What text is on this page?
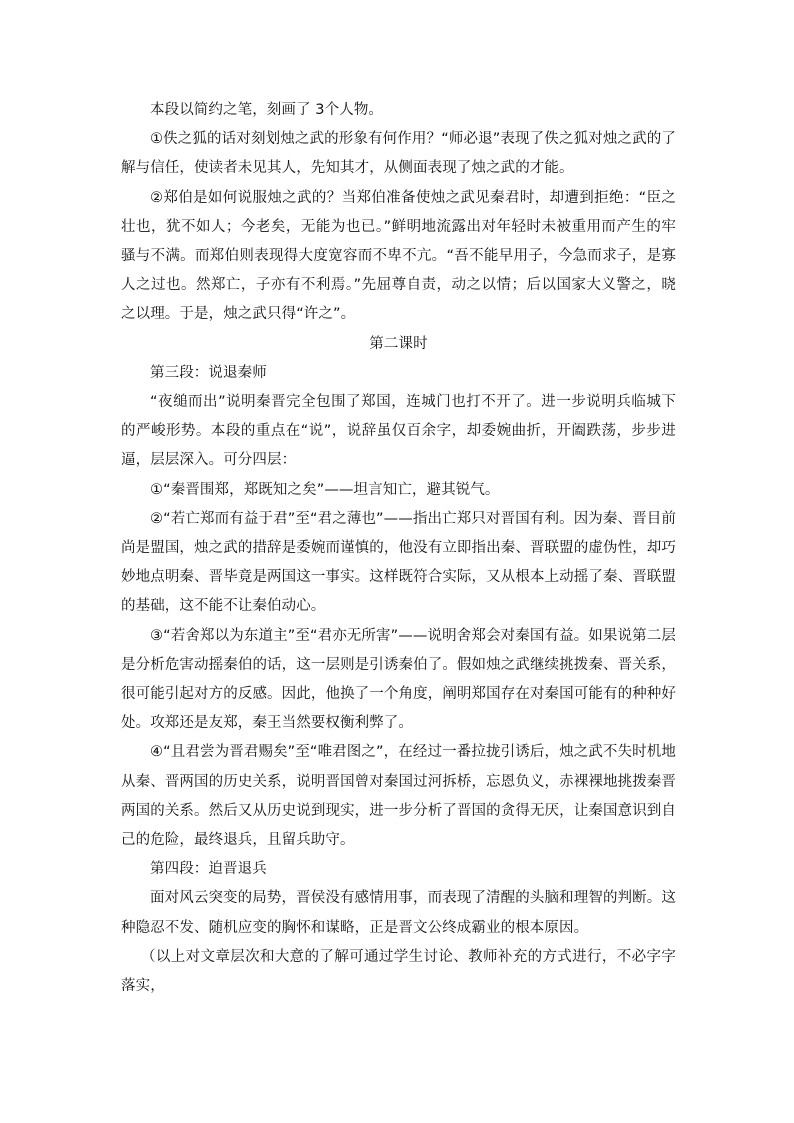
本段以简约之笔，刻画了 3个人物。

①佚之狐的话对刻划烛之武的形象有何作用？“师必退”表现了佚之狐对烛之武的了解与信任，使读者未见其人，先知其才，从侧面表现了烛之武的才能。

②郑伯是如何说服烛之武的？当郑伯准备使烛之武见秦君时，却遭到拒绝：“臣之壮也，犹不如人；今老矣，无能为也已。”鲜明地流露出对年轻时未被重用而产生的牢骚与不满。而郑伯则表现得大度宽容而不卑不亢。“吾不能早用子，今急而求子，是寡人之过也。然郑亡，子亦有不利焉。”先屈尊自责，动之以情；后以国家大义警之，晓之以理。于是，烛之武只得“许之”。

第二课时

第三段：说退秦师

“夜缒而出”说明秦晋完全包围了郑国，连城门也打不开了。进一步说明兵临城下的严峻形势。本段的重点在“说”，说辞虽仅百余字，却委婉曲折，开阖跌荡，步步进逼，层层深入。可分四层：

①“秦晋围郑，郑既知之矣”——坦言知亡，避其锐气。

②“若亡郑而有益于君”至“君之薄也”——指出亡郑只对晋国有利。因为秦、晋目前尚是盟国，烛之武的措辞是委婉而谨慎的，他没有立即指出秦、晋联盟的虚伪性，却巧妙地点明秦、晋毕竟是两国这一事实。这样既符合实际，又从根本上动摇了秦、晋联盟的基础，这不能不让秦伯动心。

③“若舍郑以为东道主”至“君亦无所害”——说明舍郑会对秦国有益。如果说第二层是分析危害动摇秦伯的话，这一层则是引诱秦伯了。假如烛之武继续挑拨秦、晋关系，很可能引起对方的反感。因此，他换了一个角度，阐明郑国存在对秦国可能有的种种好处。攻郑还是友郑，秦王当然要权衡利弊了。

④“且君尝为晋君赐矣”至“唯君图之”，在经过一番拉拢引诱后，烛之武不失时机地从秦、晋两国的历史关系，说明晋国曾对秦国过河拆桥，忘恩负义，赤裸裸地挑拨秦晋两国的关系。然后又从历史说到现实，进一步分析了晋国的贪得无厌，让秦国意识到自己的危险，最终退兵，且留兵助守。

第四段：迫晋退兵

面对风云突变的局势，晋侯没有感情用事，而表现了清醒的头脑和理智的判断。这种隐忍不发、随机应变的胸怀和谋略，正是晋文公终成霸业的根本原因。

（以上对文章层次和大意的了解可通过学生讨论、教师补充的方式进行，不必字字落实，
